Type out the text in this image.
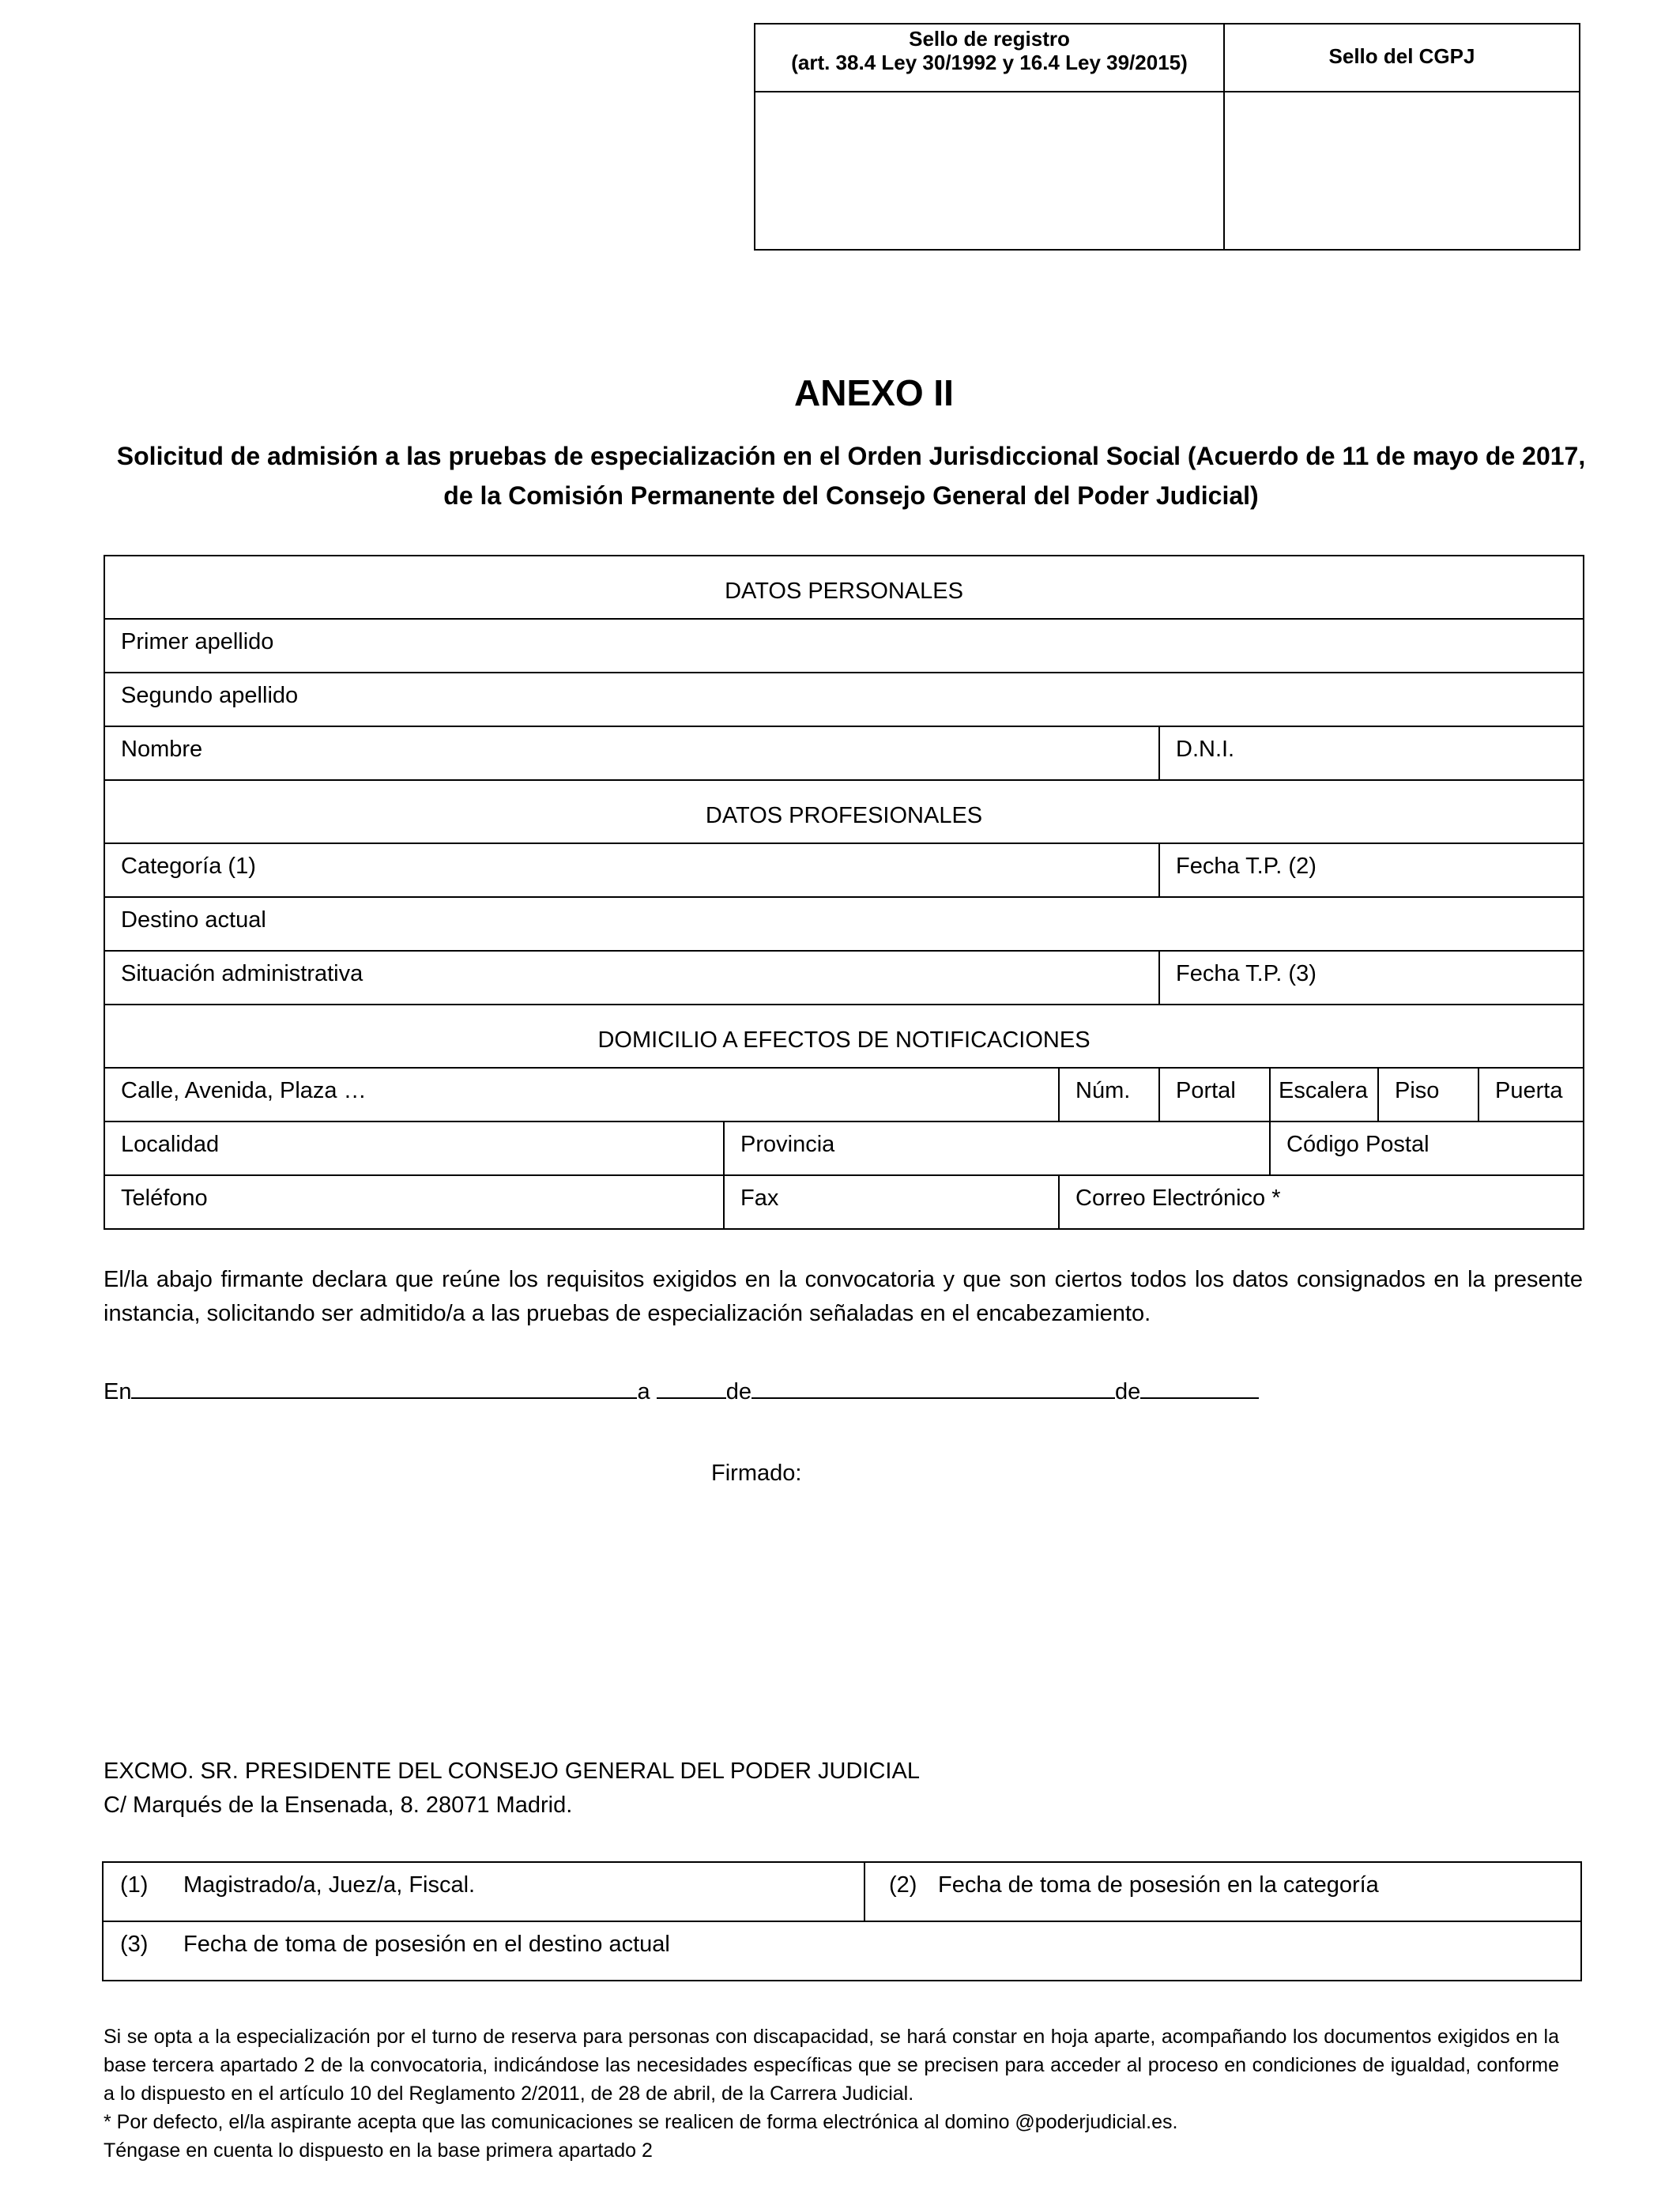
Sello de registro
(art. 38.4 Ley 30/1992 y 16.4 Ley 39/2015)	Sello del CGPJ

ANEXO II
Solicitud de admisión a las pruebas de especialización en el Orden Jurisdiccional Social (Acuerdo de 11 de mayo de 2017, de la Comisión Permanente del Consejo General del Poder Judicial)
DATOS PERSONALES						
Primer apellido						
Segundo apellido						
Nombre			D.N.I.			
DATOS PROFESIONALES						
Categoría (1)			Fecha T.P. (2)			
Destino actual						
Situación administrativa			Fecha T.P. (3)			
DOMICILIO A EFECTOS DE NOTIFICACIONES						
Calle, Avenida, Plaza …		Núm.	Portal	Escalera	Piso	Puerta
Localidad	Provincia			Código Postal		
Teléfono	Fax	Correo Electrónico *				
El/la abajo firmante declara que reúne los requisitos exigidos en la convocatoria y que son ciertos todos los datos consignados en la presente instancia, solicitando ser admitido/a a las pruebas de especialización señaladas en el encabezamiento.
En	a	de	de
Firmado:
EXCMO. SR. PRESIDENTE DEL CONSEJO GENERAL DEL PODER JUDICIAL
C/ Marqués de la Ensenada, 8. 28071 Madrid.
(1) Magistrado/a, Juez/a, Fiscal.	(2) Fecha de toma de posesión en la categoría
(3) Fecha de toma de posesión en el destino actual

Si se opta a la especialización por el turno de reserva para personas con discapacidad, se hará constar en hoja aparte, acompañando los documentos exigidos en la base tercera apartado 2 de la convocatoria, indicándose las necesidades específicas que se precisen para acceder al proceso en condiciones de igualdad, conforme a lo dispuesto en el artículo 10 del Reglamento 2/2011, de 28 de abril, de la Carrera Judicial.

* Por defecto, el/la aspirante acepta que las comunicaciones se realicen de forma electrónica al domino @poderjudicial.es.

Téngase en cuenta lo dispuesto en la base primera apartado 2
